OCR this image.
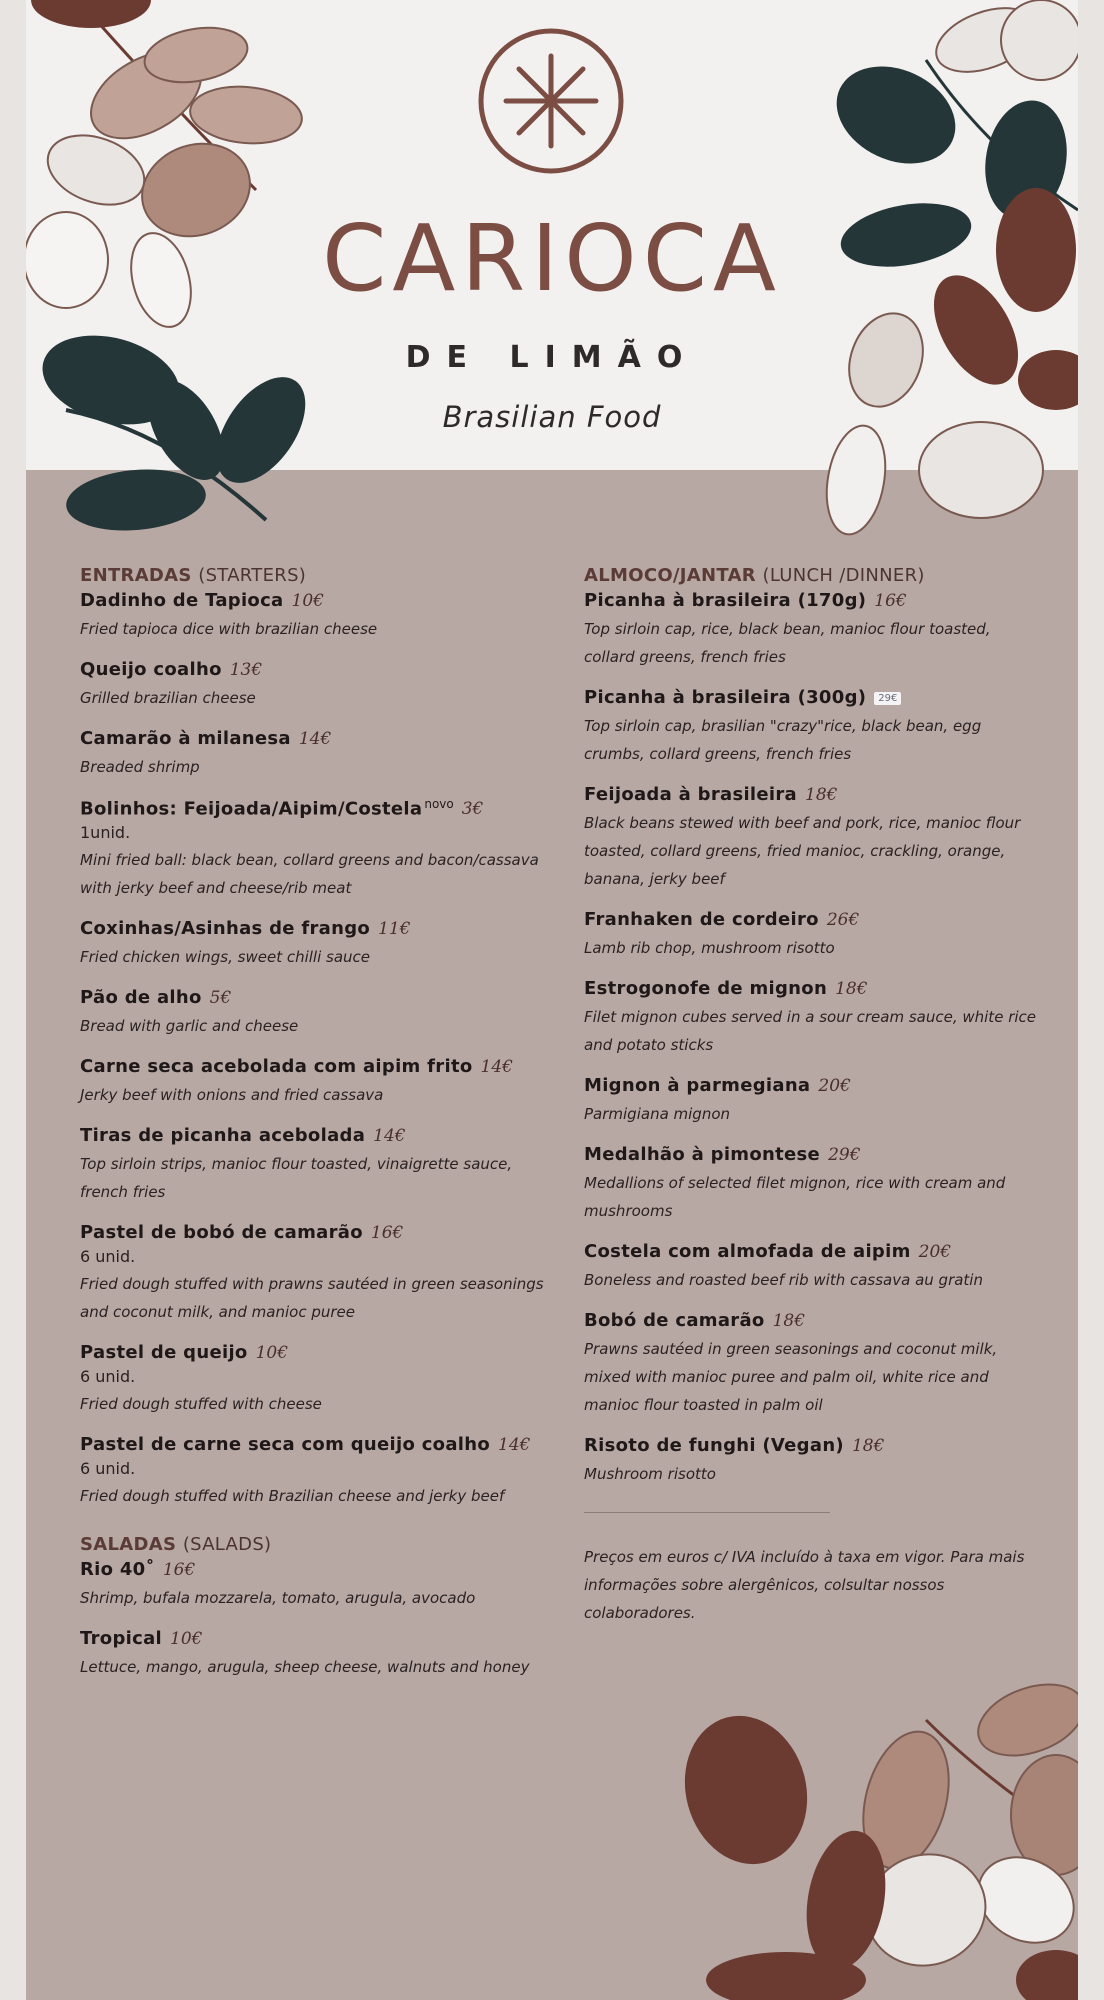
CARIOCA
DE LIMÃO
Brasilian Food
ENTRADAS (STARTERS)
Dadinho de Tapioca 10€
Fried tapioca dice with brazilian cheese
Queijo coalho 13€
Grilled brazilian cheese
Camarão à milanesa 14€
Breaded shrimp
Bolinhos: Feijoada/Aipim/Costela $^{novo}$ 3€
1unid.
Mini fried ball: black bean, collard greens and bacon/cassava with jerky beef and cheese/rib meat
Coxinhas/Asinhas de frango 11€
Fried chicken wings, sweet chilli sauce
Pão de alho 5€
Bread with garlic and cheese
Carne seca acebolada com aipim frito 14€
Jerky beef with onions and fried cassava
Tiras de picanha acebolada 14€
Top sirloin strips, manioc flour toasted, vinaigrette sauce, french fries
Pastel de bobó de camarão 16€
6 unid.
Fried dough stuffed with prawns sautéed in green seasonings and coconut milk, and manioc puree
Pastel de queijo 10€
6 unid.
Fried dough stuffed with cheese
Pastel de carne seca com queijo coalho 14€
6 unid.
Fried dough stuffed with Brazilian cheese and jerky beef
SALADAS (SALADS)
Rio 40˚ 16€
Shrimp, bufala mozzarela, tomato, arugula, avocado
Tropical 10€
Lettuce, mango, arugula, sheep cheese, walnuts and honey
ALMOCO/JANTAR (LUNCH /DINNER)
Picanha à brasileira (170g) 16€
Top sirloin cap, rice, black bean, manioc flour toasted, collard greens, french fries
Picanha à brasileira (300g) 29€
Top sirloin cap, brasilian "crazy"rice, black bean, egg crumbs, collard greens, french fries
Feijoada à brasileira 18€
Black beans stewed with beef and pork, rice, manioc flour toasted, collard greens, fried manioc, crackling, orange, banana, jerky beef
Franhaken de cordeiro 26€
Lamb rib chop, mushroom risotto
Estrogonofe de mignon 18€
Filet mignon cubes served in a sour cream sauce, white rice and potato sticks
Mignon à parmegiana 20€
Parmigiana mignon
Medalhão à pimontese 29€
Medallions of selected filet mignon, rice with cream and mushrooms
Costela com almofada de aipim 20€
Boneless and roasted beef rib with cassava au gratin
Bobó de camarão 18€
Prawns sautéed in green seasonings and coconut milk, mixed with manioc puree and palm oil, white rice and manioc flour toasted in palm oil
Risoto de funghi (Vegan) 18€
Mushroom risotto
Preços em euros c/ IVA incluído à taxa em vigor. Para mais informações sobre alergênicos, colsultar nossos colaboradores.
